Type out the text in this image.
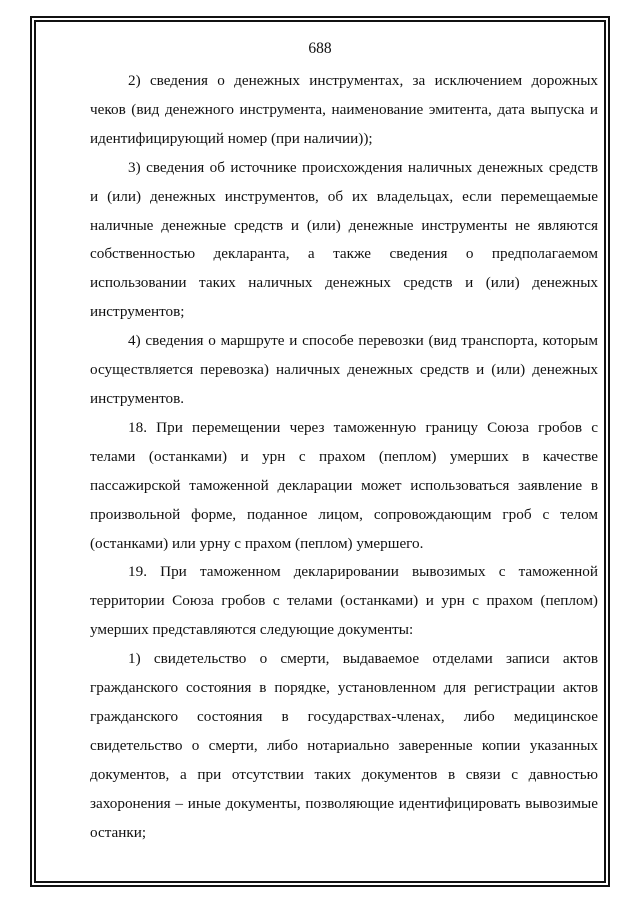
688

2) сведения о денежных инструментах, за исключением дорожных чеков (вид денежного инструмента, наименование эмитента, дата выпуска и идентифицирующий номер (при наличии));

3) сведения об источнике происхождения наличных денежных средств и (или) денежных инструментов, об их владельцах, если перемещаемые наличные денежные средств и (или) денежные инструменты не являются собственностью декларанта, а также сведения о предполагаемом использовании таких наличных денежных средств и (или) денежных инструментов;

4) сведения о маршруте и способе перевозки (вид транспорта, которым осуществляется перевозка) наличных денежных средств и (или) денежных инструментов.

18. При перемещении через таможенную границу Союза гробов с телами (останками) и урн с прахом (пеплом) умерших в качестве пассажирской таможенной декларации может использоваться заявление в произвольной форме, поданное лицом, сопровождающим гроб с телом (останками) или урну с прахом (пеплом) умершего.

19. При таможенном декларировании вывозимых с таможенной территории Союза гробов с телами (останками) и урн с прахом (пеплом) умерших представляются следующие документы:

1) свидетельство о смерти, выдаваемое отделами записи актов гражданского состояния в порядке, установленном для регистрации актов гражданского состояния в государствах-членах, либо медицинское свидетельство о смерти, либо нотариально заверенные копии указанных документов, а при отсутствии таких документов в связи с давностью захоронения – иные документы, позволяющие идентифицировать вывозимые останки;
